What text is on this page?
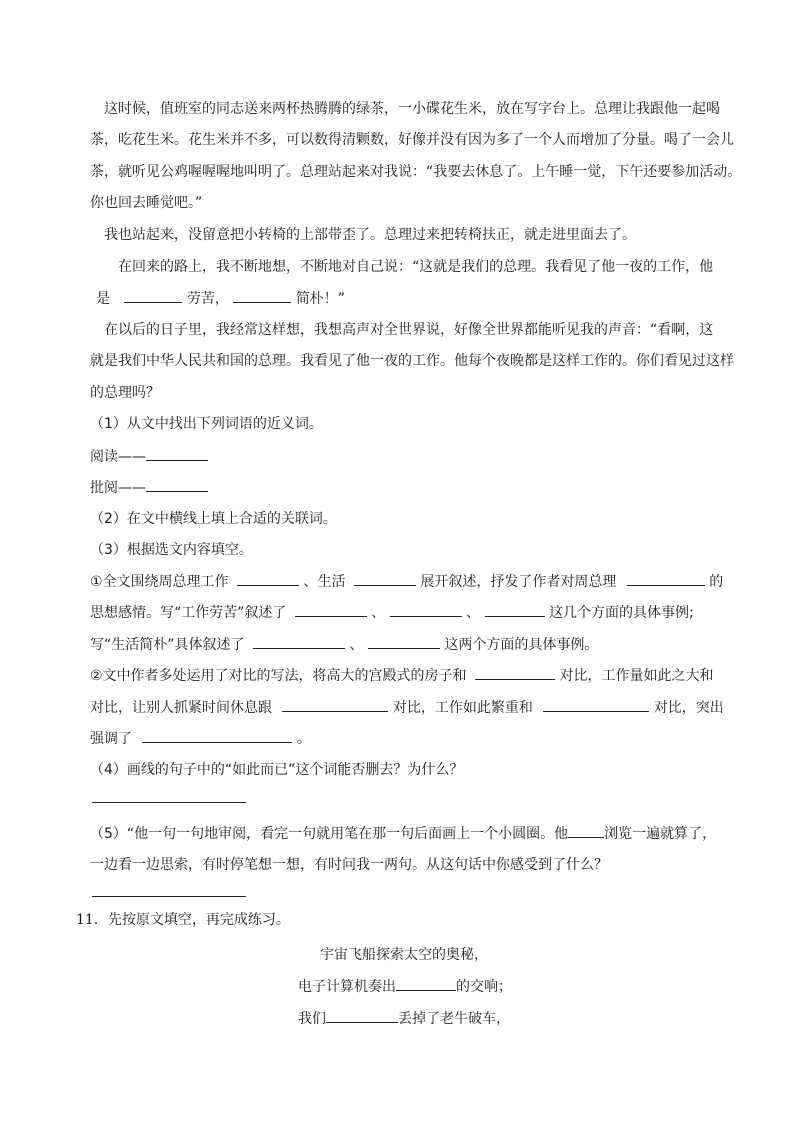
这时候，值班室的同志送来两杯热腾腾的绿茶，一小碟花生米，放在写字台上。总理让我跟他一起喝
茶，吃花生米。花生米并不多，可以数得清颗数，好像并没有因为多了一个人而增加了分量。喝了一会儿
茶，就听见公鸡喔喔喔地叫明了。总理站起来对我说：“我要去休息了。上午睡一觉，下午还要参加活动。
你也回去睡觉吧。”
我也站起来，没留意把小转椅的上部带歪了。总理过来把转椅扶正，就走进里面去了。
在回来的路上，我不断地想，不断地对自己说：“这就是我们的总理。我看见了他一夜的工作，他
是	劳苦，	简朴！”
在以后的日子里，我经常这样想，我想高声对全世界说，好像全世界都能听见我的声音：“看啊，这
就是我们中华人民共和国的总理。我看见了他一夜的工作。他每个夜晚都是这样工作的。你们看见过这样
的总理吗？
（1）从文中找出下列词语的近义词。
阅读——
批阅——
（2）在文中横线上填上合适的关联词。
（3）根据选文内容填空。
①全文围绕周总理工作	、生活	展开叙述，抒发了作者对周总理	的
思想感情。写“工作劳苦”叙述了	、	、	这几个方面的具体事例;
写“生活简朴”具体叙述了	、	这两个方面的具体事例。
②文中作者多处运用了对比的写法，将高大的宫殿式的房子和	对比，工作量如此之大和
对比，让别人抓紧时间休息跟	对比，工作如此繁重和	对比，突出
强调了	。
（4）画线的句子中的“如此而已”这个词能否删去？为什么？
（5）“他一句一句地审阅，看完一句就用笔在那一句后面画上一个小圆圈。他	浏览一遍就算了，
一边看一边思索，有时停笔想一想，有时问我一两句。从这句话中你感受到了什么？
11．先按原文填空，再完成练习。
宇宙飞船探索太空的奥秘，
电子计算机奏出	的交响；
我们	丢掉了老牛破车，
